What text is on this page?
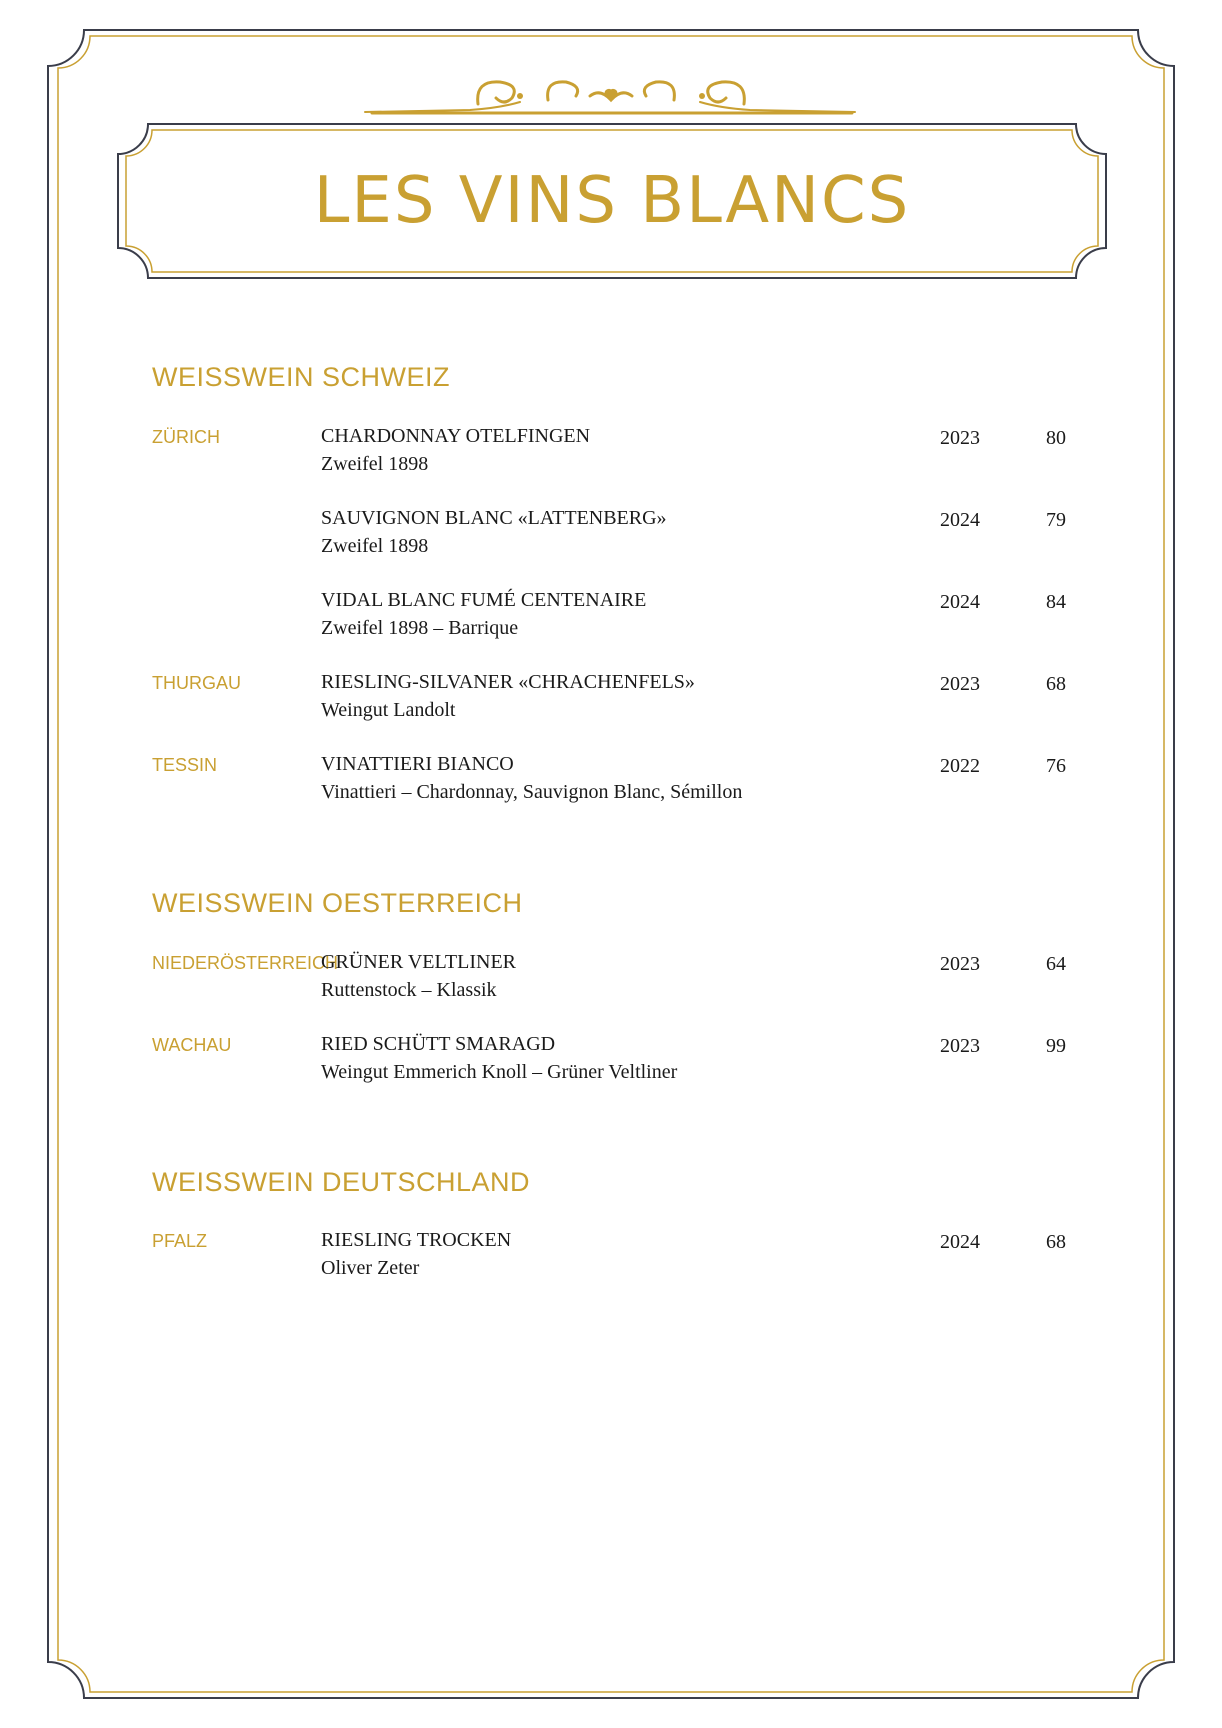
LES VINS BLANCS
WEISSWEIN SCHWEIZ
ZÜRICH	CHARDONNAY OTELFINGEN
Zweifel 1898
2023	80
SAUVIGNON BLANC «LATTENBERG»
Zweifel 1898
2024	79
VIDAL BLANC FUMÉ CENTENAIRE
Zweifel 1898 – Barrique
2024	84
THURGAU	RIESLING-SILVANER «CHRACHENFELS»
Weingut Landolt
2023	68
TESSIN	VINATTIERI BIANCO
Vinattieri – Chardonnay, Sauvignon Blanc, Sémillon
2022	76
WEISSWEIN OESTERREICH
NIEDERÖSTERREICH
GRÜNER VELTLINER
Ruttenstock – Klassik
2023	64
WACHAU	RIED SCHÜTT SMARAGD
Weingut Emmerich Knoll – Grüner Veltliner
2023	99
WEISSWEIN DEUTSCHLAND
PFALZ	RIESLING TROCKEN
Oliver Zeter
2024	68
